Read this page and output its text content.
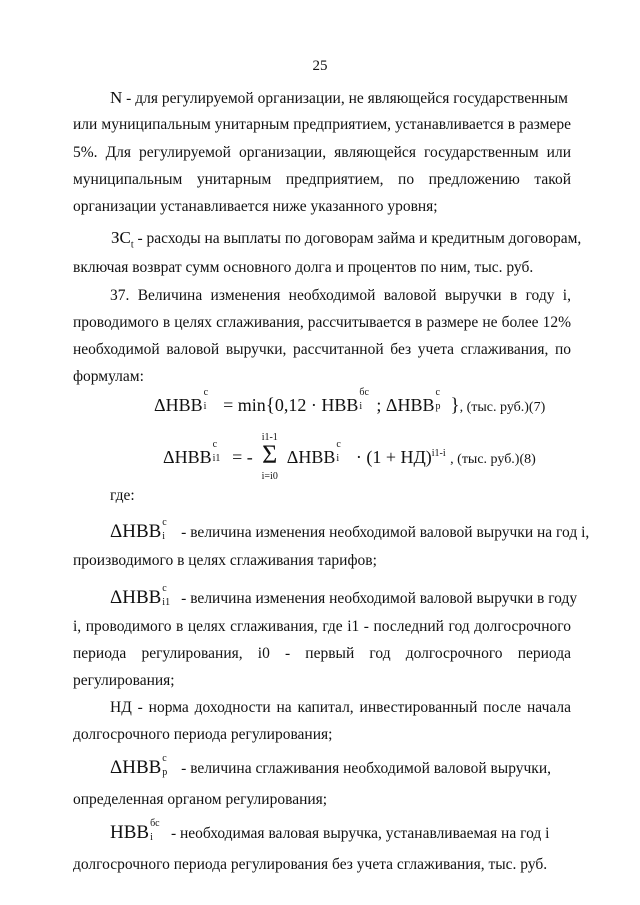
25
N - для регулируемой организации, не являющейся государственным
или муниципальным унитарным предприятием, устанавливается в размере
5%. Для регулируемой организации, являющейся государственным или
муниципальным унитарным предприятием, по предложению такой
организации устанавливается ниже указанного уровня;
$ЗС_t$ - расходы на выплаты по договорам займа и кредитным договорам,
включая возврат сумм основного долга и процентов по ним, тыс. руб.
37. Величина изменения необходимой валовой выручки в году i,
проводимого в целях сглаживания, рассчитывается в размере не более 12%
необходимой валовой выручки, рассчитанной без учета сглаживания, по
формулам:
ΔНВВ
с
i = min{0,12 · НВВ
бс
i ; ΔНВВ
с
р }, (тыс. руб.)(7)
ΔНВВ
с
i1 = -
i1-1
Σ
i=i0
ΔНВВ
с
i · (1 + НД)$^{i1-i}$ , (тыс. руб.)(8)
где:
ΔНВВ с
i - величина изменения необходимой валовой выручки на год i,
производимого в целях сглаживания тарифов;
ΔНВВ с
i1 - величина изменения необходимой валовой выручки в году
i, проводимого в целях сглаживания, где i1 - последний год долгосрочного
периода регулирования, i0 - первый год долгосрочного периода
регулирования;
НД - норма доходности на капитал, инвестированный после начала
долгосрочного периода регулирования;
ΔНВВ с
р - величина сглаживания необходимой валовой выручки,
определенная органом регулирования;
НВВ бс
i - необходимая валовая выручка, устанавливаемая на год i
долгосрочного периода регулирования без учета сглаживания, тыс. руб.
